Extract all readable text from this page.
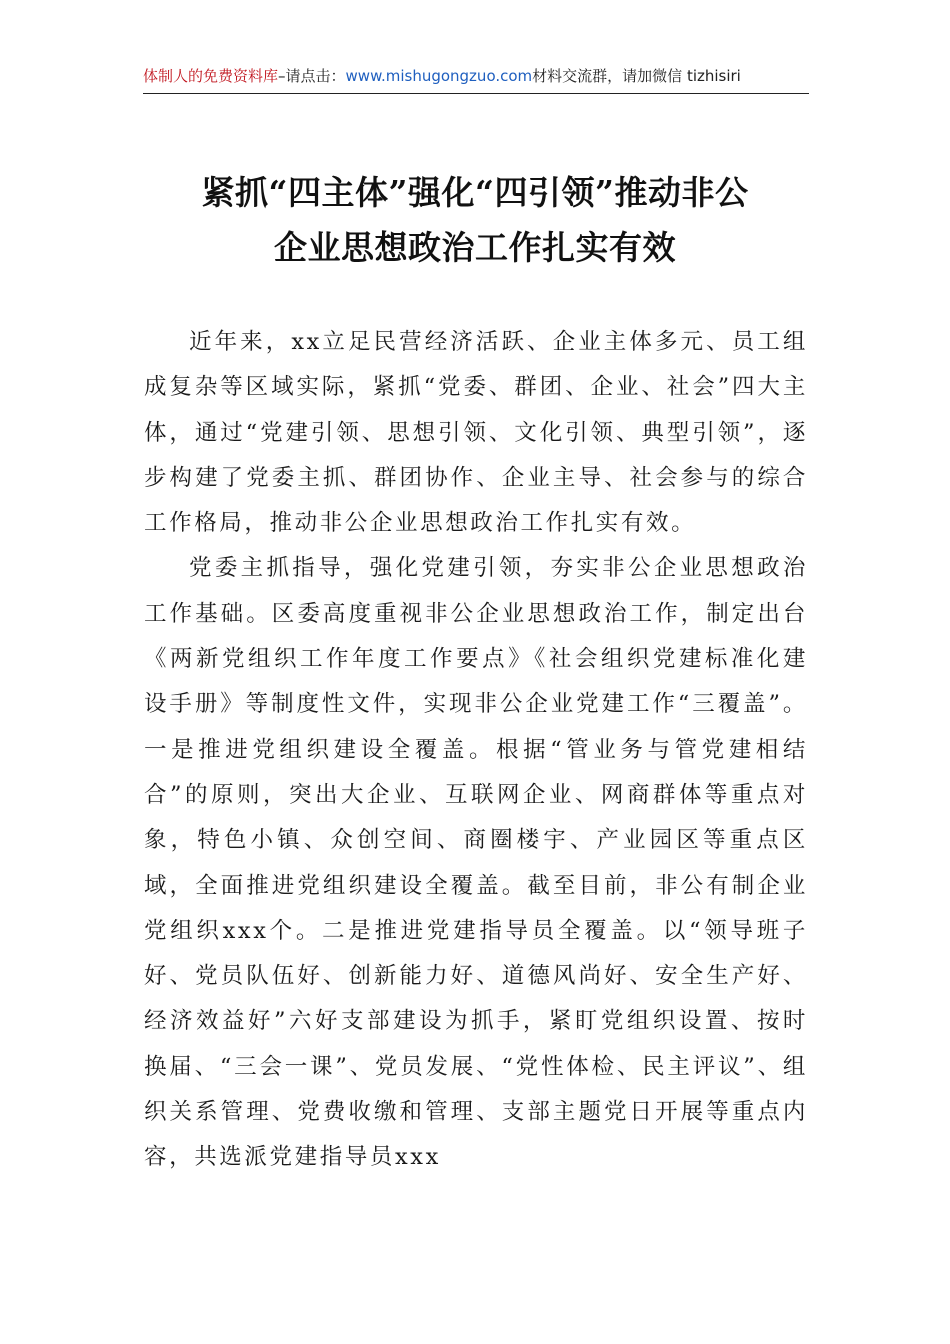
体制人的免费资料库–请点击：www.mishugongzuo.com材料交流群，请加微信 tizhisiri
紧抓“四主体”强化“四引领”推动非公
企业思想政治工作扎实有效

近年来，xx立足民营经济活跃、企业主体多元、员工组成复杂等区域实际，紧抓“党委、群团、企业、社会”四大主体，通过“党建引领、思想引领、文化引领、典型引领”，逐步构建了党委主抓、群团协作、企业主导、社会参与的综合工作格局，推动非公企业思想政治工作扎实有效。

党委主抓指导，强化党建引领，夯实非公企业思想政治工作基础。区委高度重视非公企业思想政治工作，制定出台《两新党组织工作年度工作要点》《社会组织党建标准化建设手册》等制度性文件，实现非公企业党建工作“三覆盖”。一是推进党组织建设全覆盖。根据“管业务与管党建相结合”的原则，突出大企业、互联网企业、网商群体等重点对象，特色小镇、众创空间、商圈楼宇、产业园区等重点区域，全面推进党组织建设全覆盖。截至目前，非公有制企业党组织xxx个。二是推进党建指导员全覆盖。以“领导班子好、党员队伍好、创新能力好、道德风尚好、安全生产好、经济效益好”六好支部建设为抓手，紧盯党组织设置、按时换届、“三会一课”、党员发展、“党性体检、民主评议”、组织关系管理、党费收缴和管理、支部主题党日开展等重点内容，共选派党建指导员xxx
